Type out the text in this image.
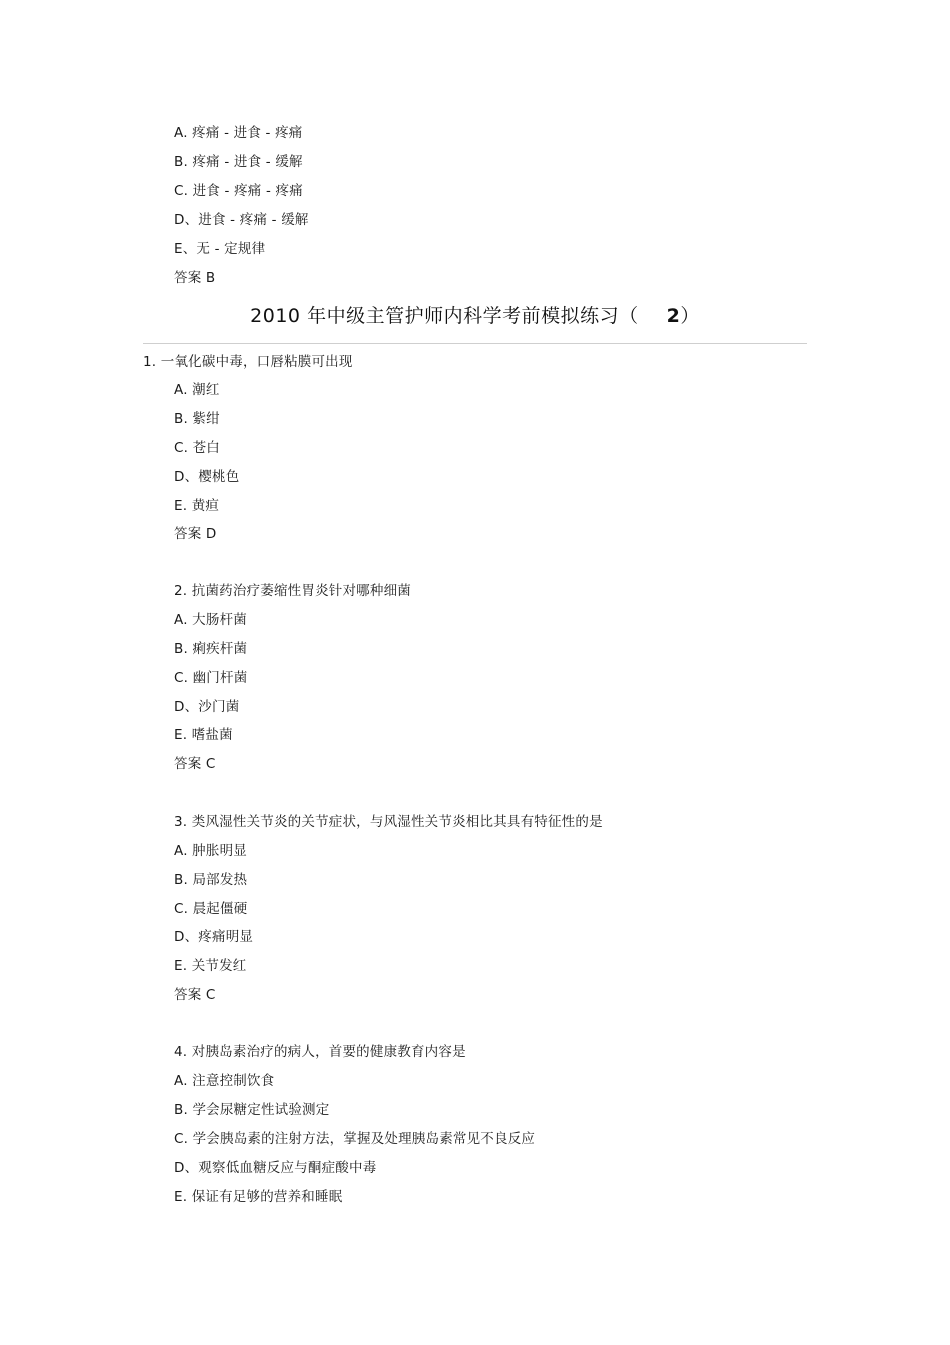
A. 疼痛 - 进食 - 疼痛
B. 疼痛 - 进食 - 缓解
C. 进食 - 疼痛 - 疼痛
D、进食 - 疼痛 - 缓解
E、无 - 定规律
答案 B
2010 年中级主管护师内科学考前模拟练习（ 2）
1. 一氧化碳中毒，口唇粘膜可出现
A. 潮红
B. 紫绀
C. 苍白
D、樱桃色
E. 黄疸
答案 D
2. 抗菌药治疗萎缩性胃炎针对哪种细菌
A. 大肠杆菌
B. 痢疾杆菌
C. 幽门杆菌
D、沙门菌
E. 嗜盐菌
答案 C
3. 类风湿性关节炎的关节症状，与风湿性关节炎相比其具有特征性的是
A. 肿胀明显
B. 局部发热
C. 晨起僵硬
D、疼痛明显
E. 关节发红
答案 C
4. 对胰岛素治疗的病人，首要的健康教育内容是
A. 注意控制饮食
B. 学会尿糖定性试验测定
C. 学会胰岛素的注射方法，掌握及处理胰岛素常见不良反应
D、观察低血糖反应与酮症酸中毒
E. 保证有足够的营养和睡眠
